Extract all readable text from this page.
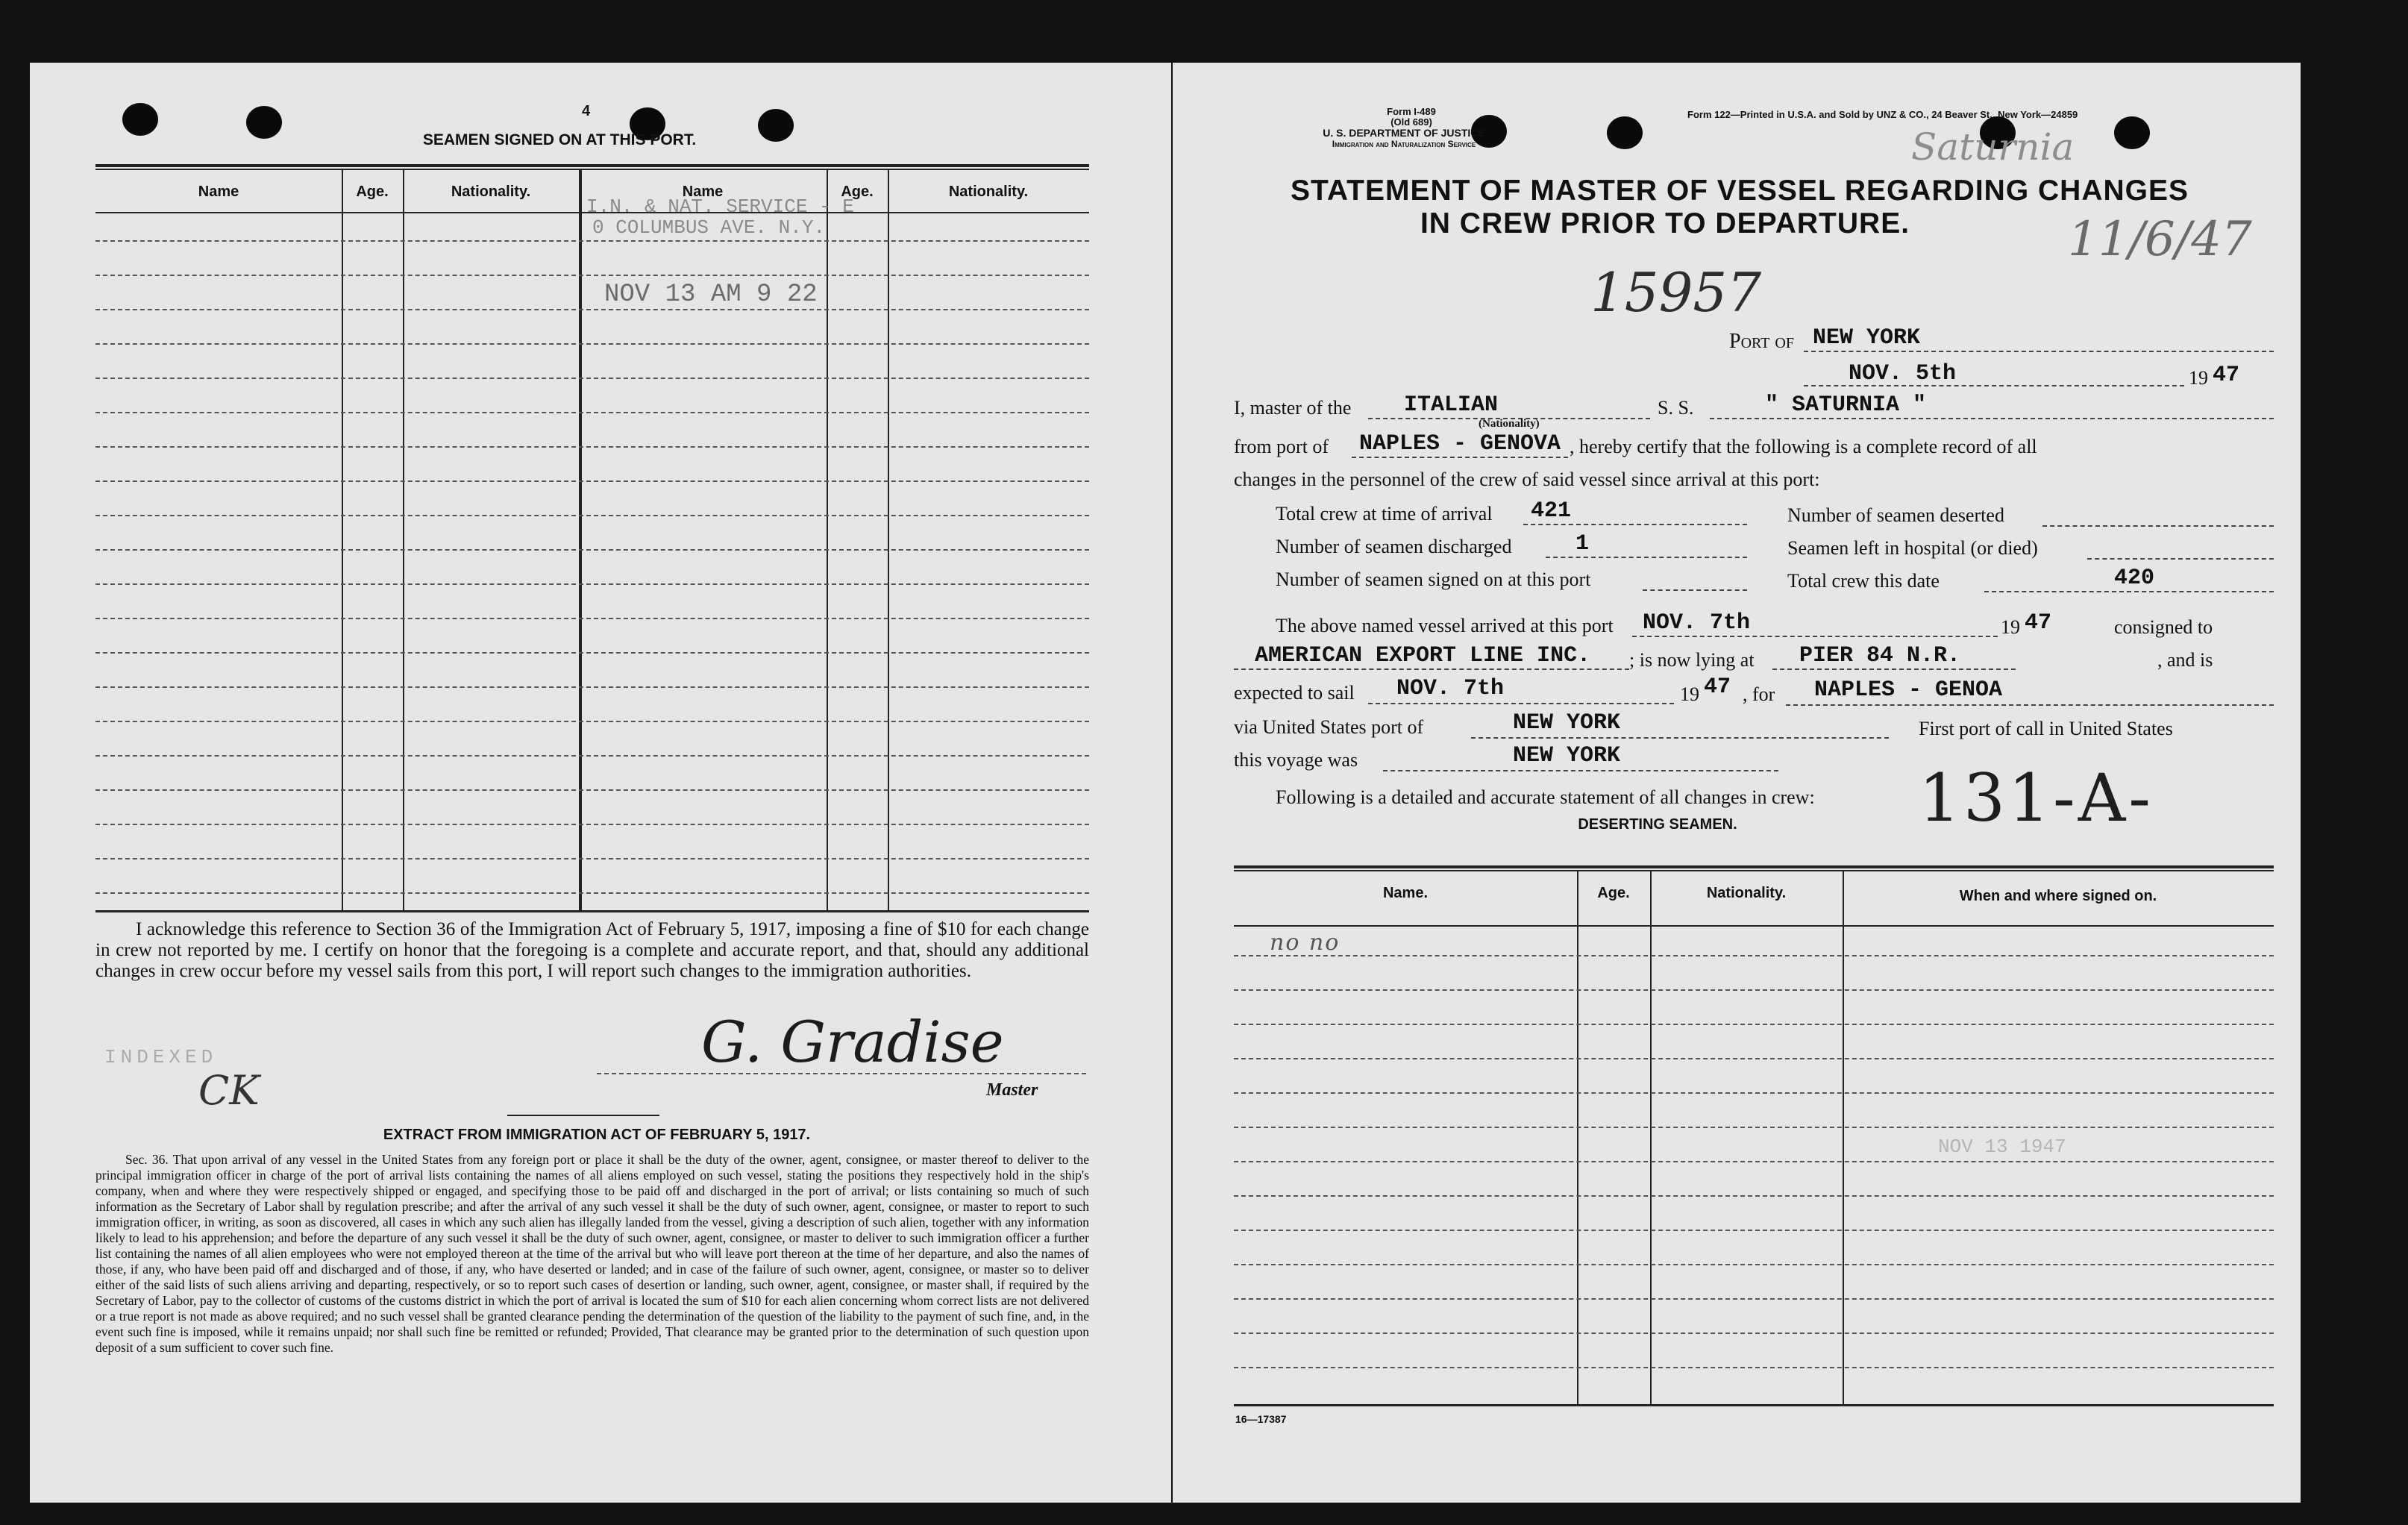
4
SEAMEN SIGNED ON AT THIS PORT.
Name	Age.	Nationality.	Name	Age.	Nationality.
I.N. & NAT. SERVICE - E
0 COLUMBUS AVE. N.Y.
NOV 13 AM 9 22
I acknowledge this reference to Section 36 of the Immigration Act of February 5, 1917, imposing a fine of $10 for each change in crew not reported by me. I certify on honor that the foregoing is a complete and accurate report, and that, should any additional changes in crew occur before my vessel sails from this port, I will report such changes to the immigration authorities.
INDEXED
CK
G. Gradise
Master
EXTRACT FROM IMMIGRATION ACT OF FEBRUARY 5, 1917.
Sec. 36. That upon arrival of any vessel in the United States from any foreign port or place it shall be the duty of the owner, agent, consignee, or master thereof to deliver to the principal immigration officer in charge of the port of arrival lists containing the names of all aliens employed on such vessel, stating the positions they respectively hold in the ship's company, when and where they were respectively shipped or engaged, and specifying those to be paid off and discharged in the port of arrival; or lists containing so much of such information as the Secretary of Labor shall by regulation prescribe; and after the arrival of any such vessel it shall be the duty of such owner, agent, consignee, or master to report to such immigration officer, in writing, as soon as discovered, all cases in which any such alien has illegally landed from the vessel, giving a description of such alien, together with any information likely to lead to his apprehension; and before the departure of any such vessel it shall be the duty of such owner, agent, consignee, or master to deliver to such immigration officer a further list containing the names of all alien employees who were not employed thereon at the time of the arrival but who will leave port thereon at the time of her departure, and also the names of those, if any, who have been paid off and discharged and of those, if any, who have deserted or landed; and in case of the failure of such owner, agent, consignee, or master so to deliver either of the said lists of such aliens arriving and departing, respectively, or so to report such cases of desertion or landing, such owner, agent, consignee, or master shall, if required by the Secretary of Labor, pay to the collector of customs of the customs district in which the port of arrival is located the sum of $10 for each alien concerning whom correct lists are not delivered or a true report is not made as above required; and no such vessel shall be granted clearance pending the determination of the question of the liability to the payment of such fine, and, in the event such fine is imposed, while it remains unpaid; nor shall such fine be remitted or refunded; Provided, That clearance may be granted prior to the determination of such question upon deposit of a sum sufficient to cover such fine.
Form I-489
(Old 689)
U. S. DEPARTMENT OF JUSTICE
Immigration and Naturalization Service
Form 122—Printed in U.S.A. and Sold by UNZ & CO., 24 Beaver St., New York—24859
Saturnia
STATEMENT OF MASTER OF VESSEL REGARDING CHANGES
IN CREW PRIOR TO DEPARTURE.	11/6/47
15957
Port of NEW YORK
NOV. 5th	19 47
I, master of the ITALIAN
(Nationality)
S. S.	" SATURNIA "
from port of NAPLES - GENOVA , hereby certify that the following is a complete record of all
changes in the personnel of the crew of said vessel since arrival at this port:
Total crew at time of arrival 421
Number of seamen discharged	1
Number of seamen signed on at this port
Number of seamen deserted
Seamen left in hospital (or died)
Total crew this date	420
The above named vessel arrived at this port NOV. 7th	19 47	consigned to
AMERICAN EXPORT LINE INC. ; is now lying at PIER 84 N.R.	, and is
expected to sail NOV. 7th	19 47 , for NAPLES - GENOA
via United States port of	NEW YORK	First port of call in United States
this voyage was	NEW YORK
Following is a detailed and accurate statement of all changes in crew: 131-A-
DESERTING SEAMEN.
Name.	Age.	Nationality.	When and where signed on.
no no
NOV 13 1947
16—17387
